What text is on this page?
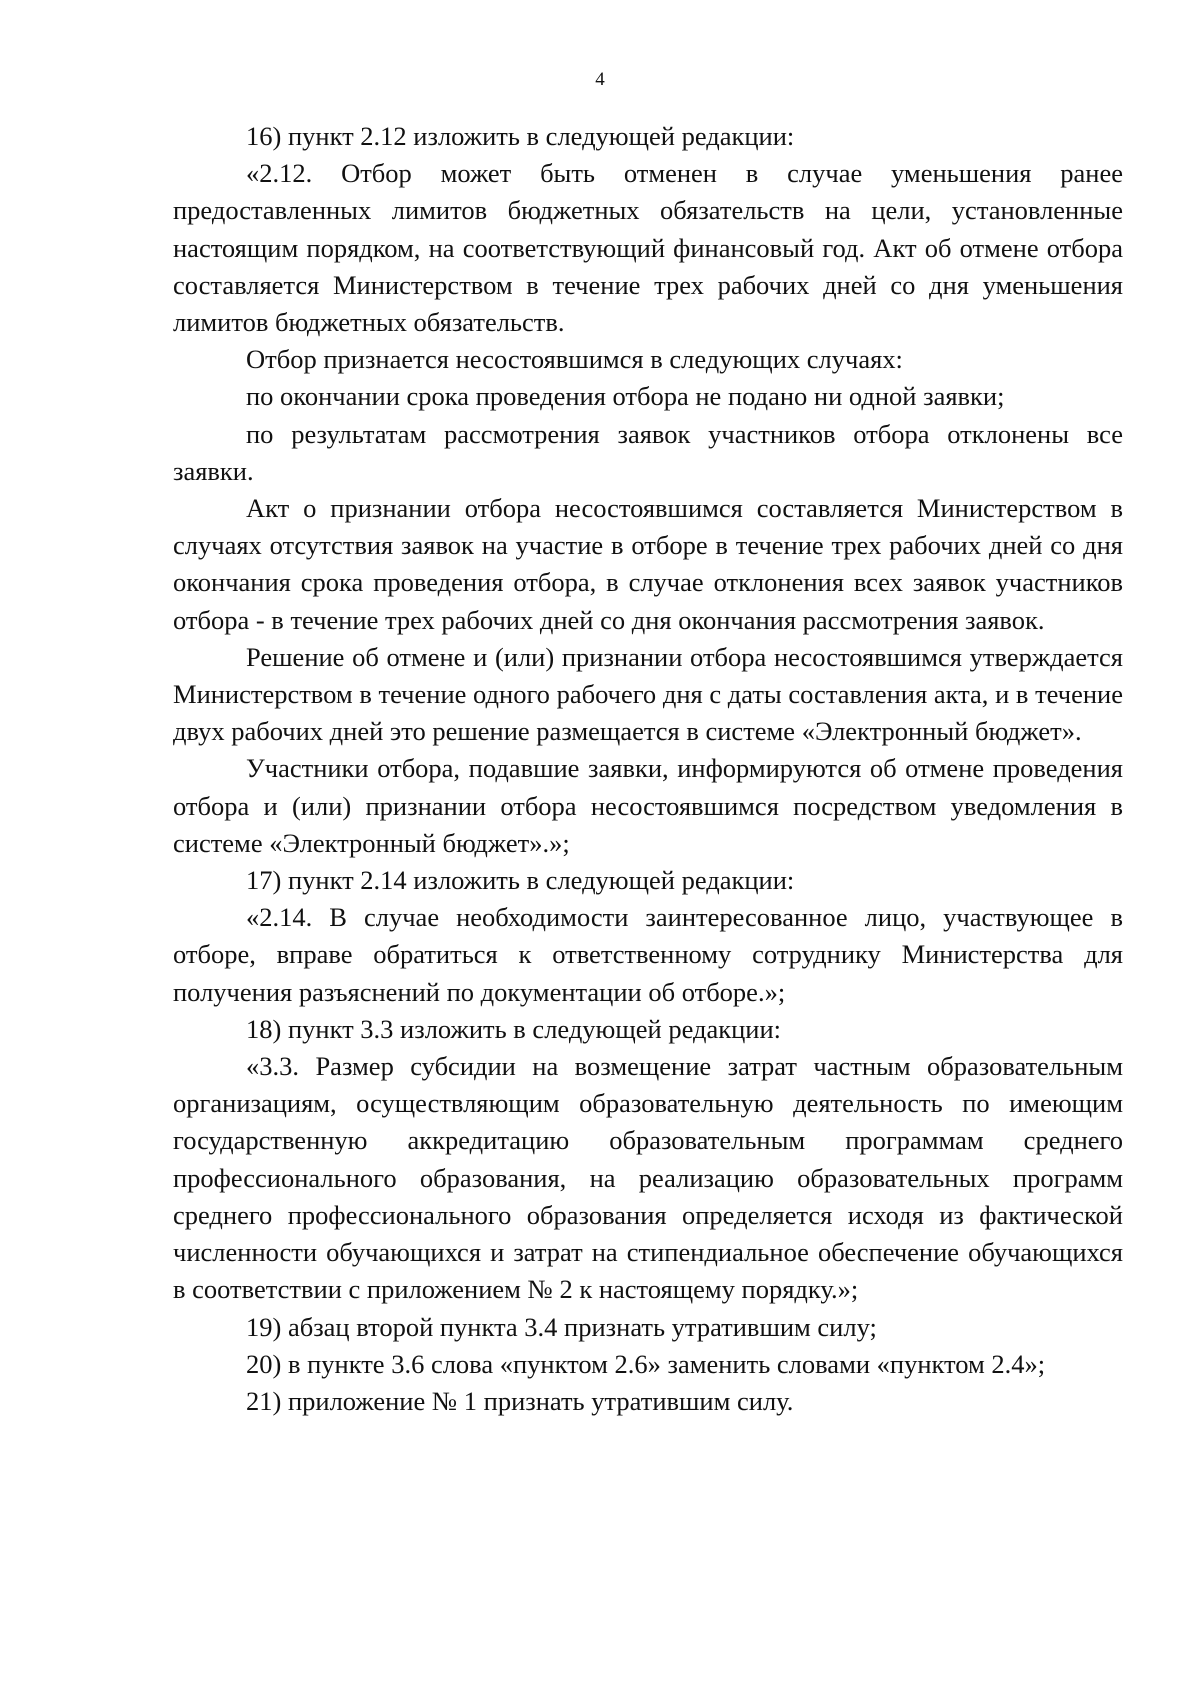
4

16) пункт 2.12 изложить в следующей редакции:

«2.12. Отбор может быть отменен в случае уменьшения ранее предоставленных лимитов бюджетных обязательств на цели, установленные настоящим порядком, на соответствующий финансовый год. Акт об отмене отбора составляется Министерством в течение трех рабочих дней со дня уменьшения лимитов бюджетных обязательств.

Отбор признается несостоявшимся в следующих случаях:

по окончании срока проведения отбора не подано ни одной заявки;

по результатам рассмотрения заявок участников отбора отклонены все заявки.

Акт о признании отбора несостоявшимся составляется Министерством в случаях отсутствия заявок на участие в отборе в течение трех рабочих дней со дня окончания срока проведения отбора, в случае отклонения всех заявок участников отбора - в течение трех рабочих дней со дня окончания рассмотрения заявок.

Решение об отмене и (или) признании отбора несостоявшимся утверждается Министерством в течение одного рабочего дня с даты составления акта, и в течение двух рабочих дней это решение размещается в системе «Электронный бюджет».

Участники отбора, подавшие заявки, информируются об отмене проведения отбора и (или) признании отбора несостоявшимся посредством уведомления в системе «Электронный бюджет».»;

17) пункт 2.14 изложить в следующей редакции:

«2.14. В случае необходимости заинтересованное лицо, участвующее в отборе, вправе обратиться к ответственному сотруднику Министерства для получения разъяснений по документации об отборе.»;

18) пункт 3.3 изложить в следующей редакции:

«3.3. Размер субсидии на возмещение затрат частным образовательным организациям, осуществляющим образовательную деятельность по имеющим государственную аккредитацию образовательным программам среднего профессионального образования, на реализацию образовательных программ среднего профессионального образования определяется исходя из фактической численности обучающихся и затрат на стипендиальное обеспечение обучающихся в соответствии с приложением № 2 к настоящему порядку.»;

19) абзац второй пункта 3.4 признать утратившим силу;

20) в пункте 3.6 слова «пунктом 2.6» заменить словами «пунктом 2.4»;

21) приложение № 1 признать утратившим силу.
